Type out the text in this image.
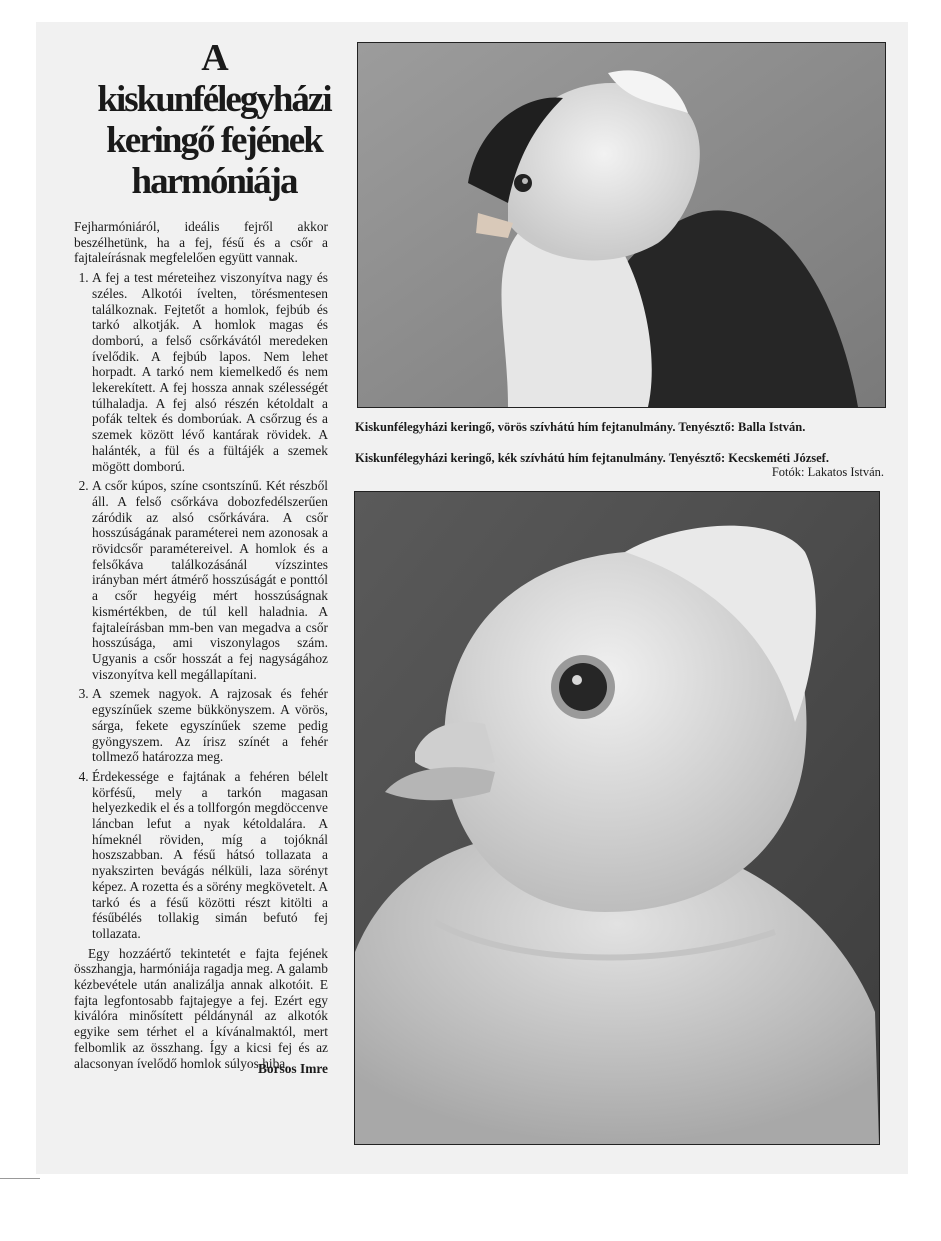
A
kiskunfélegyházi
keringő fejének
harmóniája

Fejharmóniáról, ideális fejről akkor beszélhetünk, ha a fej, fésű és a csőr a fajtaleírásnak megfelelően együtt vannak.

1. A fej a test méreteihez viszonyítva nagy és széles. Alkotói ívelten, törésmentesen találkoznak. Fejtetőt a homlok, fejbúb és tarkó alkotják. A homlok magas és domború, a felső csőrkávától meredeken ívelődik. A fejbúb lapos. Nem lehet horpadt. A tarkó nem kiemelkedő és nem lekerekített. A fej hossza annak szélességét túlhaladja. A fej alsó részén kétoldalt a pofák teltek és domborúak. A csőrzug és a szemek között lévő kantárak rövidek. A halánték, a fül és a fültájék a szemek mögött domború.
2. A csőr kúpos, színe csontszínű. Két részből áll. A felső csőrkáva dobozfedélszerűen záródik az alsó csőrkávára. A csőr hosszúságának paraméterei nem azonosak a rövidcsőr paramétereivel. A homlok és a felsőkáva találkozásánál vízszintes irányban mért átmérő hosszúságát e ponttól a csőr hegyéig mért hosszúságnak kismértékben, de túl kell haladnia. A fajtaleírásban mm-ben van megadva a csőr hosszúsága, ami viszonylagos szám. Ugyanis a csőr hosszát a fej nagyságához viszonyítva kell megállapítani.
3. A szemek nagyok. A rajzosak és fehér egyszínűek szeme bükkönyszem. A vörös, sárga, fekete egyszínűek szeme pedig gyöngyszem. Az írisz színét a fehér tollmező határozza meg.
4. Érdekessége e fajtának a fehéren bélelt körfésű, mely a tarkón magasan helyezkedik el és a tollforgón megdöccenve láncban lefut a nyak kétoldalára. A hímeknél röviden, míg a tojóknál hoszszabban. A fésű hátsó tollazata a nyakszirten bevágás nélküli, laza sörényt képez. A rozetta és a sörény megkövetelt. A tarkó és a fésű közötti részt kitölti a fésűbélés tollakig simán befutó fej tollazata.

Egy hozzáértő tekintetét e fajta fejének összhangja, harmóniája ragadja meg. A galamb kézbevétele után analizálja annak alkotóit. E fajta legfontosabb fajtajegye a fej. Ezért egy kiválóra minősített példánynál az alkotók egyike sem térhet el a kívánalmaktól, mert felbomlik az összhang. Így a kicsi fej és az alacsonyan ívelődő homlok súlyos hiba.

Borsos Imre
Kiskunfélegyházi keringő, vörös szívhátú hím fejtanulmány. Tenyésztő: Balla István.
Kiskunfélegyházi keringő, kék szívhátú hím fejtanulmány. Tenyésztő: Kecskeméti József.
Fotók: Lakatos István.
